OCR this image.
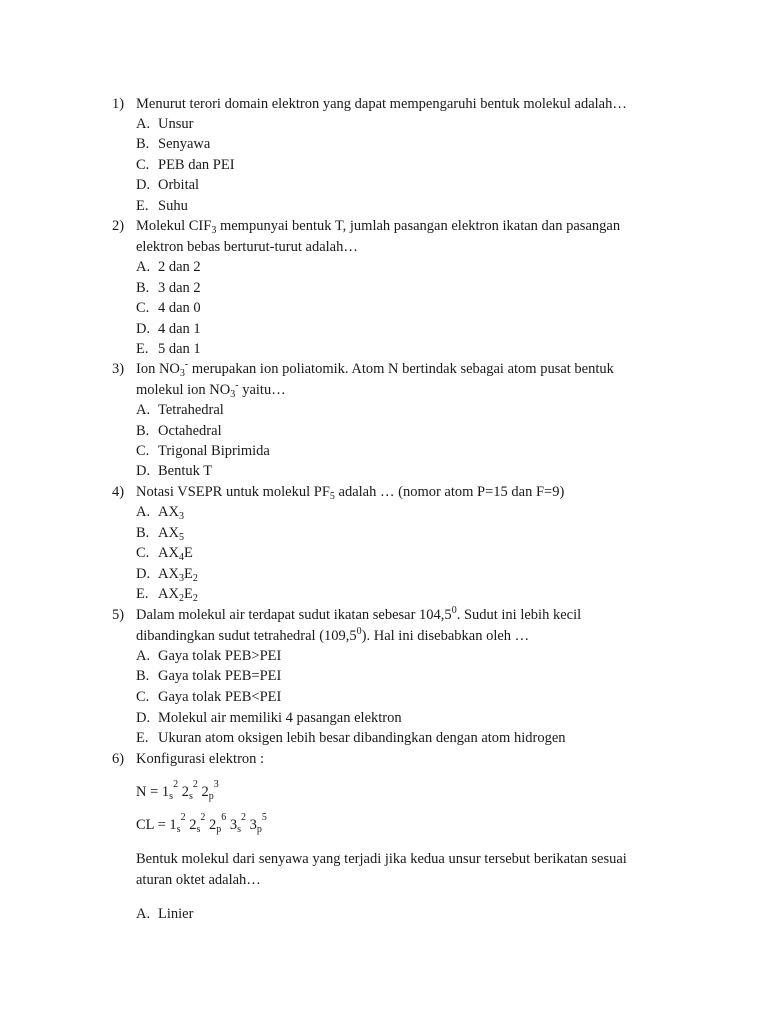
1) Menurut terori domain elektron yang dapat mempengaruhi bentuk molekul adalah…
A. Unsur
B. Senyawa
C. PEB dan PEI
D. Orbital
E. Suhu
2) Molekul $CIF_3$ mempunyai bentuk T, jumlah pasangan elektron ikatan dan pasangan
elektron bebas berturut-turut adalah…
A. 2 dan 2
B. 3 dan 2
C. 4 dan 0
D. 4 dan 1
E. 5 dan 1
3) Ion $NO_3^-$ merupakan ion poliatomik. Atom N bertindak sebagai atom pusat bentuk
molekul ion $NO_3^-$ yaitu…
A. Tetrahedral
B. Octahedral
C. Trigonal Biprimida
D. Bentuk T
4) Notasi VSEPR untuk molekul $PF_5$ adalah … (nomor atom P=15 dan F=9)
A. $AX_3$
B. $AX_5$
C. $AX_4E$
D. $AX_3E_2$
E. $AX_2E_2$
5) Dalam molekul air terdapat sudut ikatan sebesar 104,5$^0$. Sudut ini lebih kecil
dibandingkan sudut tetrahedral (109,5$^0$). Hal ini disebabkan oleh …
A. Gaya tolak PEB>PEI
B. Gaya tolak PEB=PEI
C. Gaya tolak PEB<PEI
D. Molekul air memiliki 4 pasangan elektron
E. Ukuran atom oksigen lebih besar dibandingkan dengan atom hidrogen
6) Konfigurasi elektron :
$N = 1_s^2$ $2_s^2$ $2_p^3$
CL = $1_s^2$ $2_s^2$ $2_p^6$ $3_s^2$ $3_p^5$
Bentuk molekul dari senyawa yang terjadi jika kedua unsur tersebut berikatan sesuai
aturan oktet adalah…
A. Linier
